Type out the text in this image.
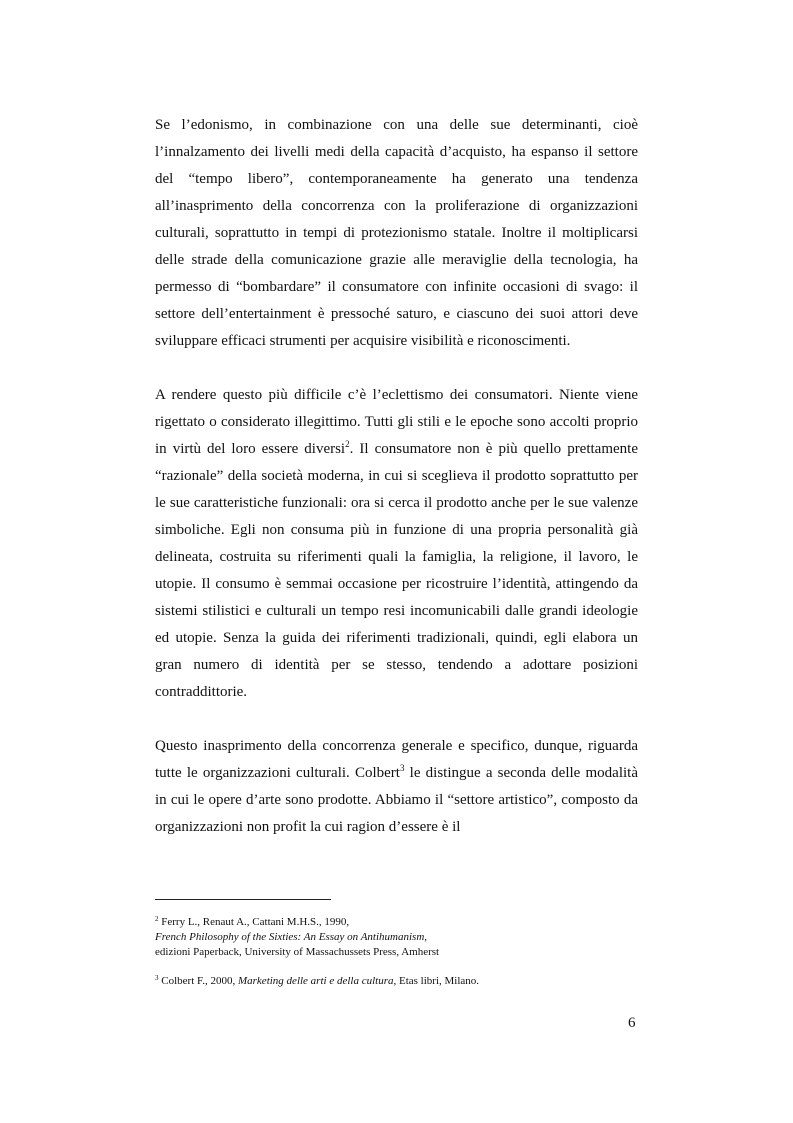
Se l’edonismo, in combinazione con una delle sue determinanti, cioè l’innalzamento dei livelli medi della capacità d’acquisto, ha espanso il settore del “tempo libero”, contemporaneamente ha generato una tendenza all’inasprimento della concorrenza con la proliferazione di organizzazioni culturali, soprattutto in tempi di protezionismo statale. Inoltre il moltiplicarsi delle strade della comunicazione grazie alle meraviglie della tecnologia, ha permesso di “bombardare” il consumatore con infinite occasioni di svago: il settore dell’entertainment è pressoché saturo, e ciascuno dei suoi attori deve sviluppare efficaci strumenti per acquisire visibilità e riconoscimenti.

A rendere questo più difficile c’è l’eclettismo dei consumatori. Niente viene rigettato o considerato illegittimo. Tutti gli stili e le epoche sono accolti proprio in virtù del loro essere diversi$^2$. Il consumatore non è più quello prettamente “razionale” della società moderna, in cui si sceglieva il prodotto soprattutto per le sue caratteristiche funzionali: ora si cerca il prodotto anche per le sue valenze simboliche. Egli non consuma più in funzione di una propria personalità già delineata, costruita su riferimenti quali la famiglia, la religione, il lavoro, le utopie. Il consumo è semmai occasione per ricostruire l’identità, attingendo da sistemi stilistici e culturali un tempo resi incomunicabili dalle grandi ideologie ed utopie. Senza la guida dei riferimenti tradizionali, quindi, egli elabora un gran numero di identità per se stesso, tendendo a adottare posizioni contraddittorie.

Questo inasprimento della concorrenza generale e specifico, dunque, riguarda tutte le organizzazioni culturali. Colbert$^3$ le distingue a seconda delle modalità in cui le opere d’arte sono prodotte. Abbiamo il “settore artistico”, composto da organizzazioni non profit la cui ragion d’essere è il

$^2$ Ferry L., Renaut A., Cattani M.H.S., 1990,
French Philosophy of the Sixties: An Essay on Antihumanism,
edizioni Paperback, University of Massachussets Press, Amherst

$^3$ Colbert F., 2000, Marketing delle arti e della cultura, Etas libri, Milano.

6
